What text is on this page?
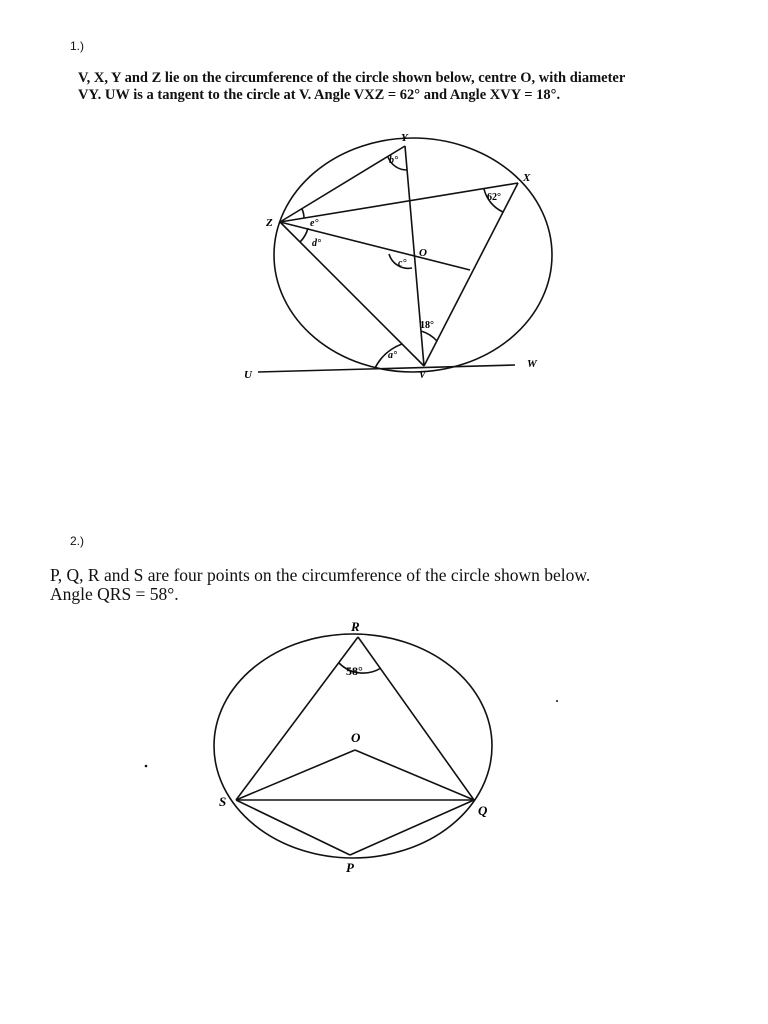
1.)
V, X, Y and Z lie on the circumference of the circle shown below, centre O, with diameter
VY. UW is a tangent to the circle at V. Angle VXZ = 62° and Angle XVY = 18°.
Y
X
Z
O
V
U
W
b°
e°
d°
c°
62°
18°
a°
R
O
S
Q
P
58°
2.)
P, Q, R and S are four points on the circumference of the circle shown below.
Angle QRS = 58°.
